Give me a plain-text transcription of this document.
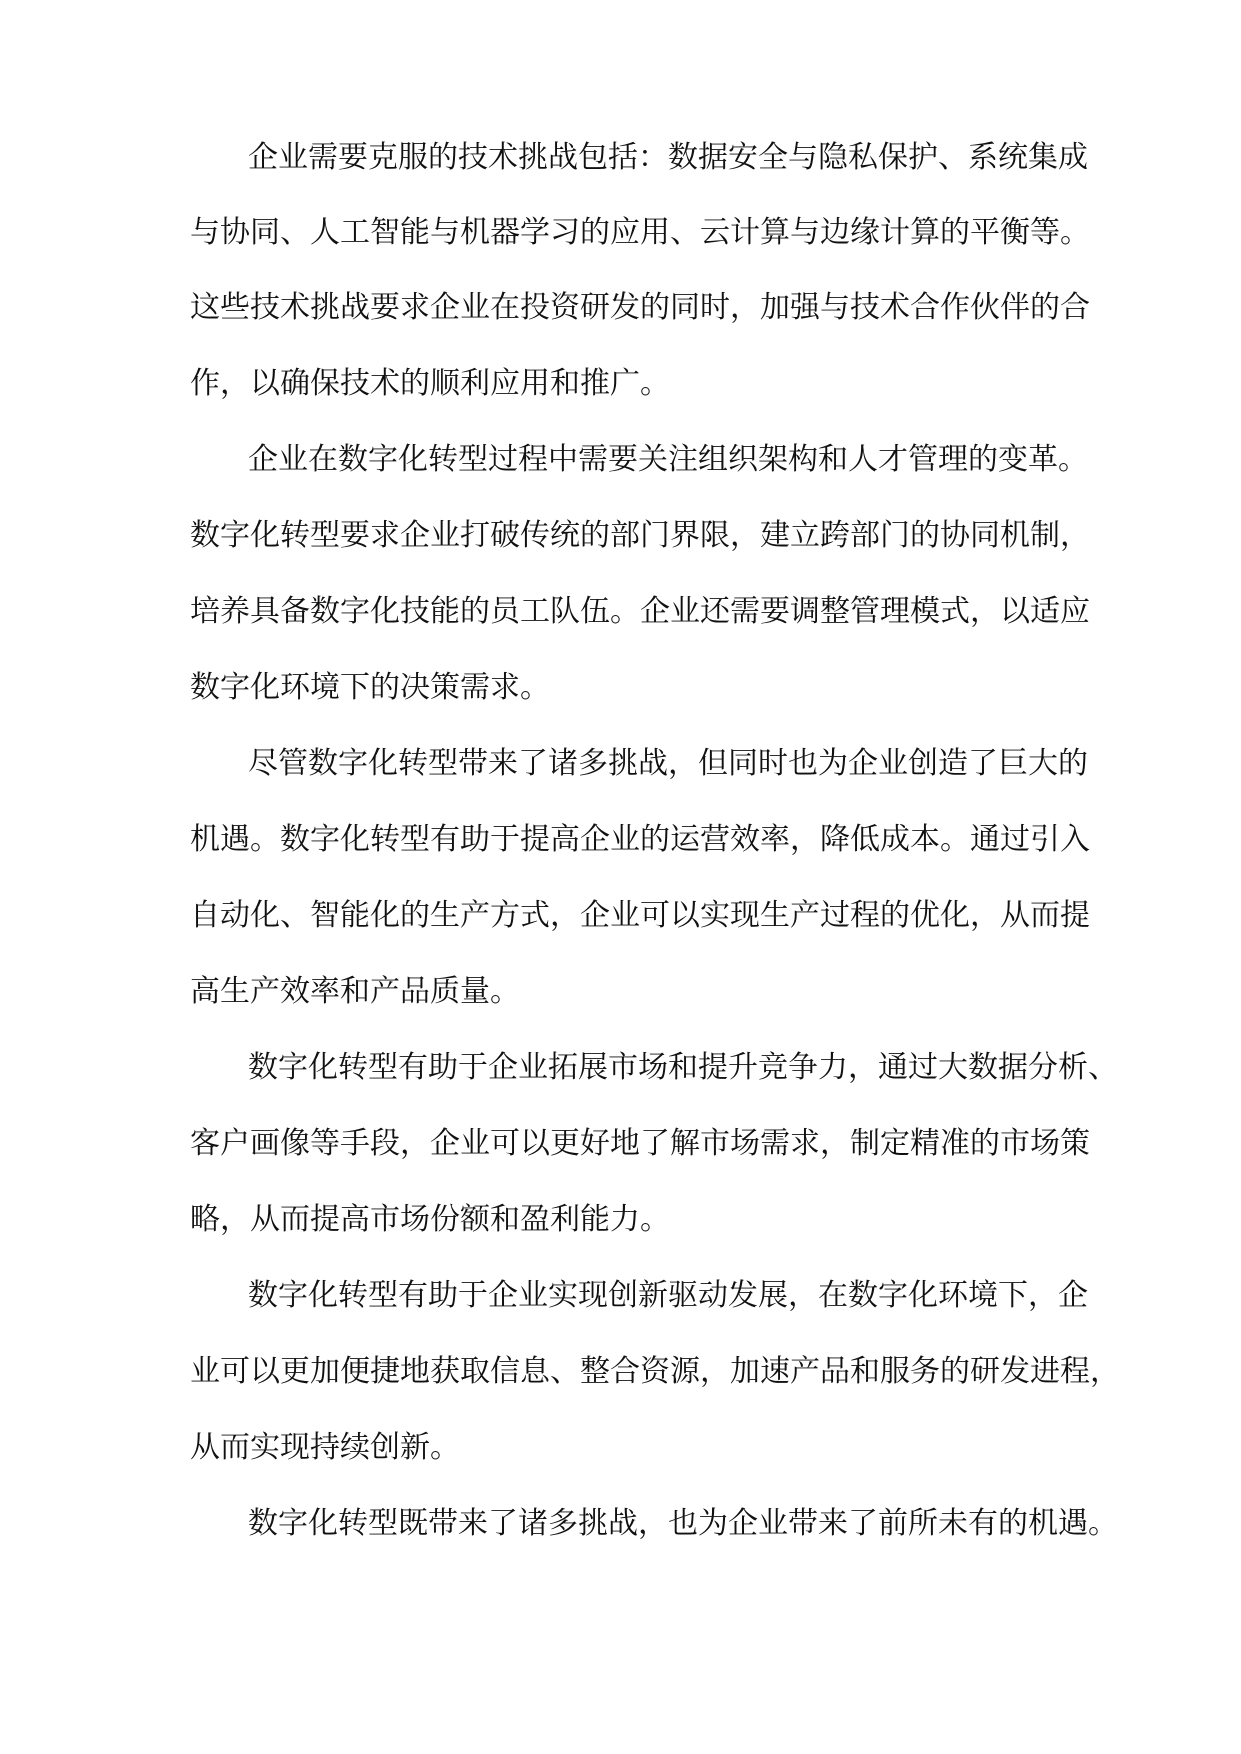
企业需要克服的技术挑战包括：数据安全与隐私保护、系统集成
与协同、人工智能与机器学习的应用、云计算与边缘计算的平衡等。
这些技术挑战要求企业在投资研发的同时，加强与技术合作伙伴的合
作，以确保技术的顺利应用和推广。
企业在数字化转型过程中需要关注组织架构和人才管理的变革。
数字化转型要求企业打破传统的部门界限，建立跨部门的协同机制，
培养具备数字化技能的员工队伍。企业还需要调整管理模式，以适应
数字化环境下的决策需求。
尽管数字化转型带来了诸多挑战，但同时也为企业创造了巨大的
机遇。数字化转型有助于提高企业的运营效率，降低成本。通过引入
自动化、智能化的生产方式，企业可以实现生产过程的优化，从而提
高生产效率和产品质量。
数字化转型有助于企业拓展市场和提升竞争力，通过大数据分析、
客户画像等手段，企业可以更好地了解市场需求，制定精准的市场策
略，从而提高市场份额和盈利能力。
数字化转型有助于企业实现创新驱动发展，在数字化环境下，企
业可以更加便捷地获取信息、整合资源，加速产品和服务的研发进程，
从而实现持续创新。
数字化转型既带来了诸多挑战，也为企业带来了前所未有的机遇。
